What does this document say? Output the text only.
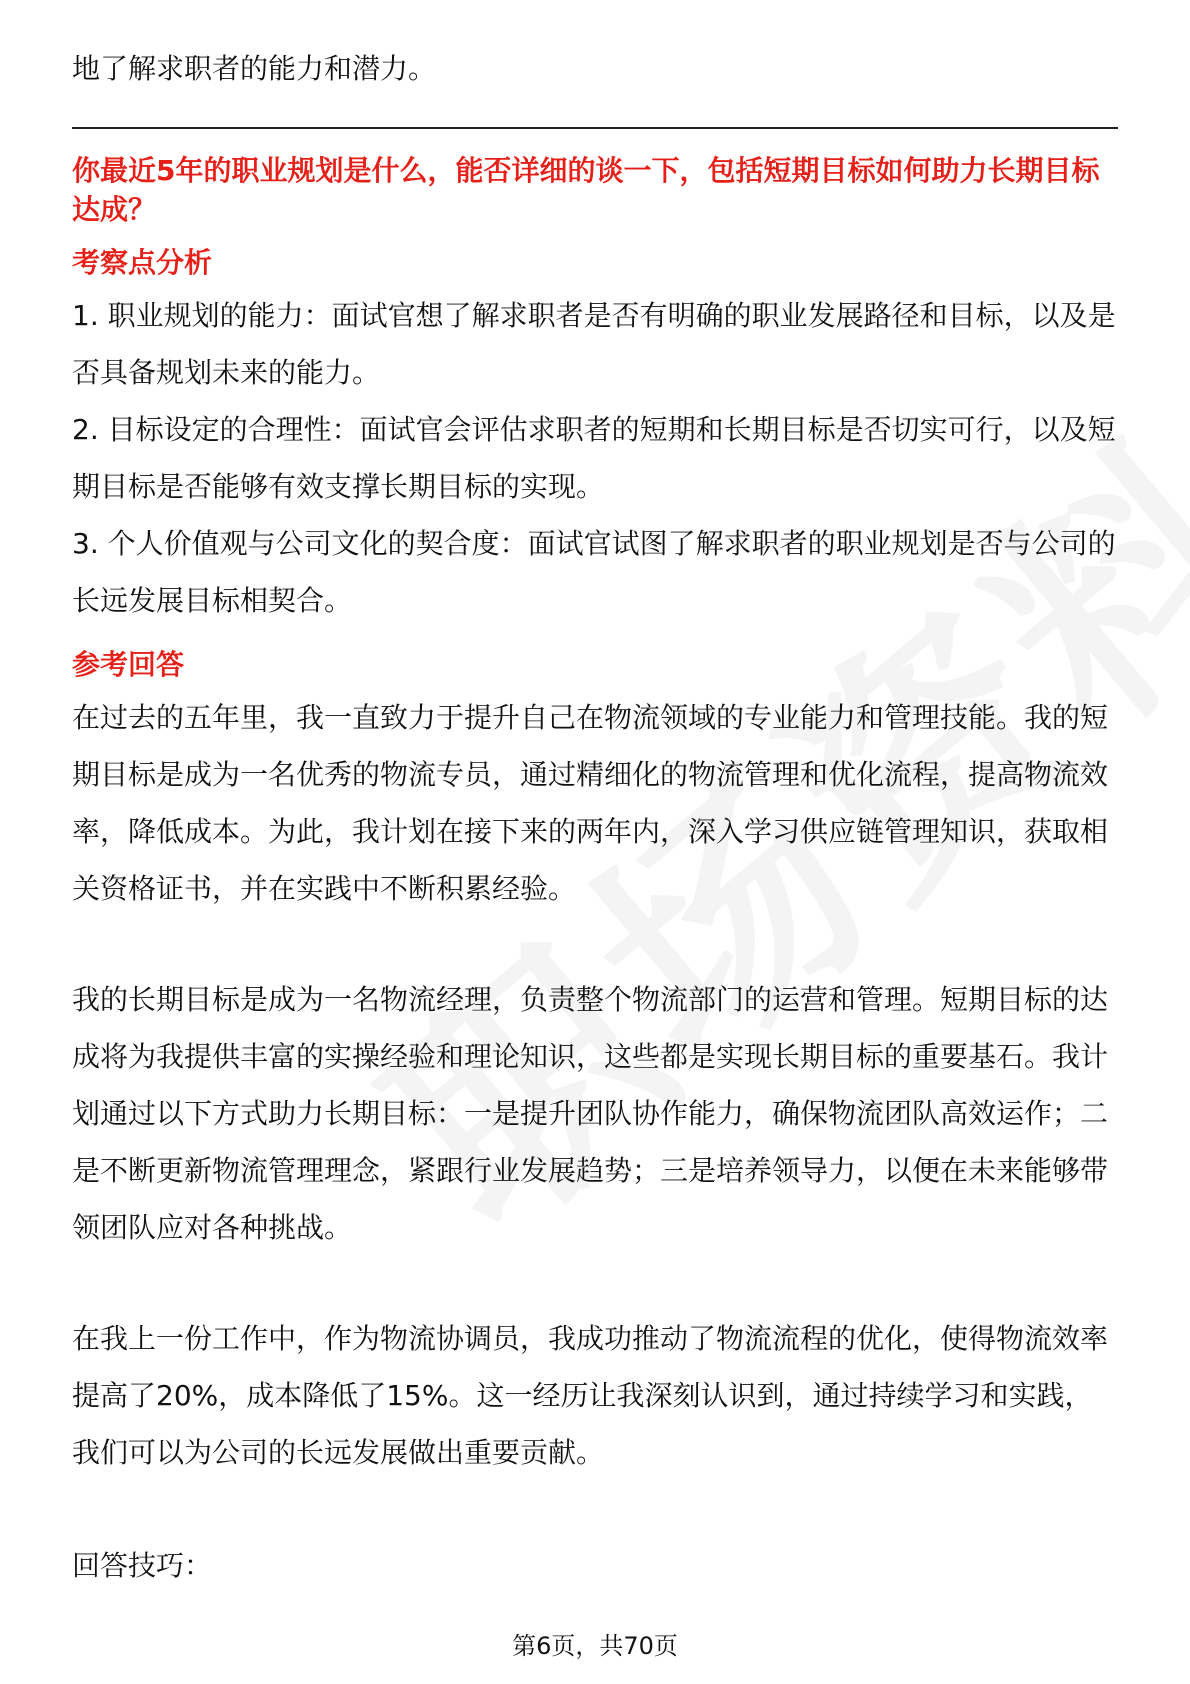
地了解求职者的能力和潜力。

你最近5年的职业规划是什么，能否详细的谈一下，包括短期目标如何助力长期目标达成？

考察点分析

1. 职业规划的能力：面试官想了解求职者是否有明确的职业发展路径和目标，以及是否具备规划未来的能力。

2. 目标设定的合理性：面试官会评估求职者的短期和长期目标是否切实可行，以及短期目标是否能够有效支撑长期目标的实现。

3. 个人价值观与公司文化的契合度：面试官试图了解求职者的职业规划是否与公司的长远发展目标相契合。

参考回答

在过去的五年里，我一直致力于提升自己在物流领域的专业能力和管理技能。我的短期目标是成为一名优秀的物流专员，通过精细化的物流管理和优化流程，提高物流效率，降低成本。为此，我计划在接下来的两年内，深入学习供应链管理知识，获取相关资格证书，并在实践中不断积累经验。

我的长期目标是成为一名物流经理，负责整个物流部门的运营和管理。短期目标的达成将为我提供丰富的实操经验和理论知识，这些都是实现长期目标的重要基石。我计划通过以下方式助力长期目标：一是提升团队协作能力，确保物流团队高效运作；二是不断更新物流管理理念，紧跟行业发展趋势；三是培养领导力，以便在未来能够带领团队应对各种挑战。

在我上一份工作中，作为物流协调员，我成功推动了物流流程的优化，使得物流效率提高了20%，成本降低了15%。这一经历让我深刻认识到，通过持续学习和实践，我们可以为公司的长远发展做出重要贡献。

回答技巧：

第6页，共70页
